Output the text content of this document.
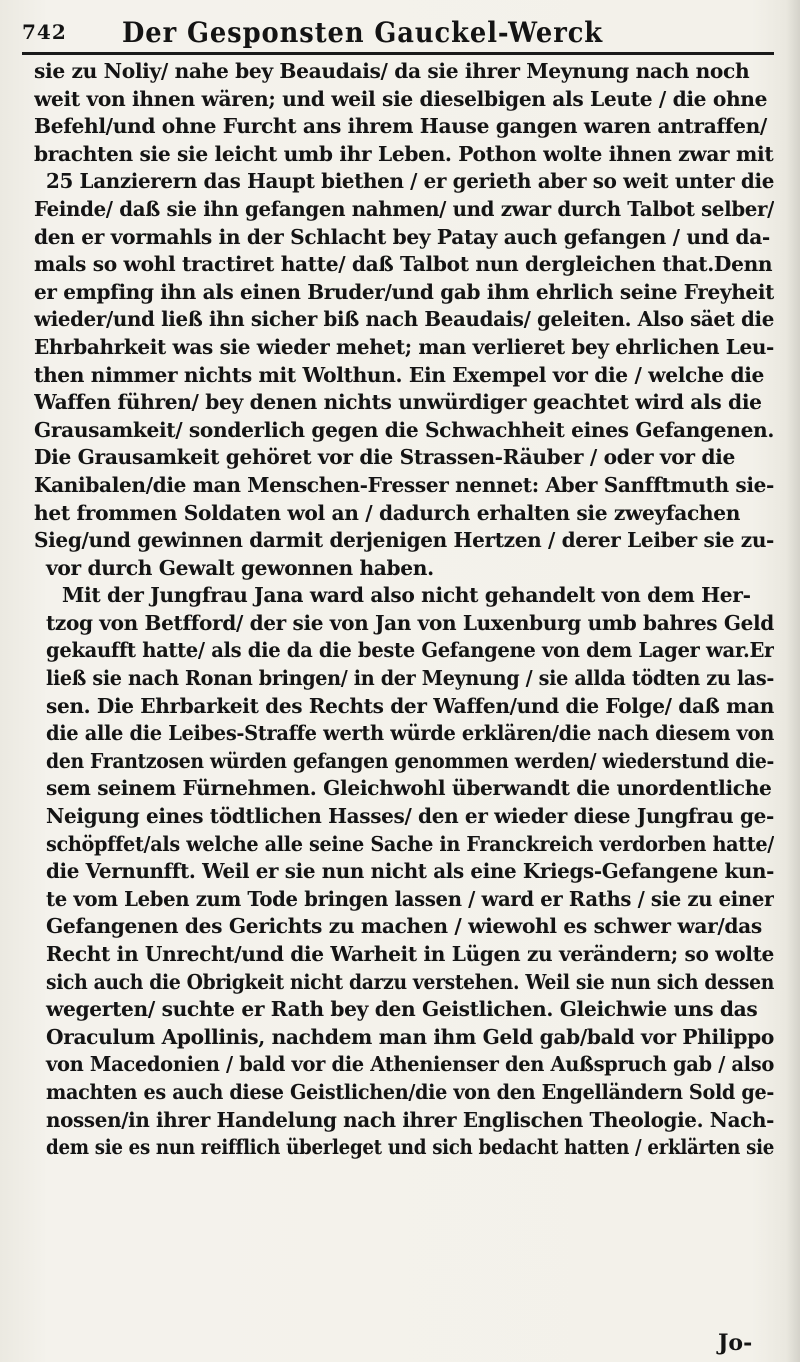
742 Der Gesponsten Gauckel-Werck
sie zu Noliy/ nahe bey Beaudais/ da sie ihrer Meynung nach noch
weit von ihnen wären; und weil sie dieselbigen als Leute / die ohne
Befehl/und ohne Furcht ans ihrem Hause gangen waren antraffen/
brachten sie sie leicht umb ihr Leben. Pothon wolte ihnen zwar mit
25 Lanzierern das Haupt biethen / er gerieth aber so weit unter die
Feinde/ daß sie ihn gefangen nahmen/ und zwar durch Talbot selber/
den er vormahls in der Schlacht bey Patay auch gefangen / und da-
mals so wohl tractiret hatte/ daß Talbot nun dergleichen that.Denn
er empfing ihn als einen Bruder/und gab ihm ehrlich seine Freyheit
wieder/und ließ ihn sicher biß nach Beaudais/ geleiten. Also säet die
Ehrbahrkeit was sie wieder mehet; man verlieret bey ehrlichen Leu-
then nimmer nichts mit Wolthun. Ein Exempel vor die / welche die
Waffen führen/ bey denen nichts unwürdiger geachtet wird als die
Grausamkeit/ sonderlich gegen die Schwachheit eines Gefangenen.
Die Grausamkeit gehöret vor die Strassen-Räuber / oder vor die
Kanibalen/die man Menschen-Fresser nennet: Aber Sanfftmuth sie-
het frommen Soldaten wol an / dadurch erhalten sie zweyfachen
Sieg/und gewinnen darmit derjenigen Hertzen / derer Leiber sie zu-
vor durch Gewalt gewonnen haben.
Mit der Jungfrau Jana ward also nicht gehandelt von dem Her-
tzog von Betfford/ der sie von Jan von Luxenburg umb bahres Geld
gekaufft hatte/ als die da die beste Gefangene von dem Lager war.Er
ließ sie nach Ronan bringen/ in der Meynung / sie allda tödten zu las-
sen. Die Ehrbarkeit des Rechts der Waffen/und die Folge/ daß man
die alle die Leibes-Straffe werth würde erklären/die nach diesem von
den Frantzosen würden gefangen genommen werden/ wiederstund die-
sem seinem Fürnehmen. Gleichwohl überwandt die unordentliche
Neigung eines tödtlichen Hasses/ den er wieder diese Jungfrau ge-
schöpffet/als welche alle seine Sache in Franckreich verdorben hatte/
die Vernunfft. Weil er sie nun nicht als eine Kriegs-Gefangene kun-
te vom Leben zum Tode bringen lassen / ward er Raths / sie zu einer
Gefangenen des Gerichts zu machen / wiewohl es schwer war/das
Recht in Unrecht/und die Warheit in Lügen zu verändern; so wolte
sich auch die Obrigkeit nicht darzu verstehen. Weil sie nun sich dessen
wegerten/ suchte er Rath bey den Geistlichen. Gleichwie uns das
Oraculum Apollinis, nachdem man ihm Geld gab/bald vor Philippo
von Macedonien / bald vor die Athenienser den Außspruch gab / also
machten es auch diese Geistlichen/die von den Engelländern Sold ge-
nossen/in ihrer Handelung nach ihrer Englischen Theologie. Nach-
dem sie es nun reifflich überleget und sich bedacht hatten / erklärten sie
Jo-
